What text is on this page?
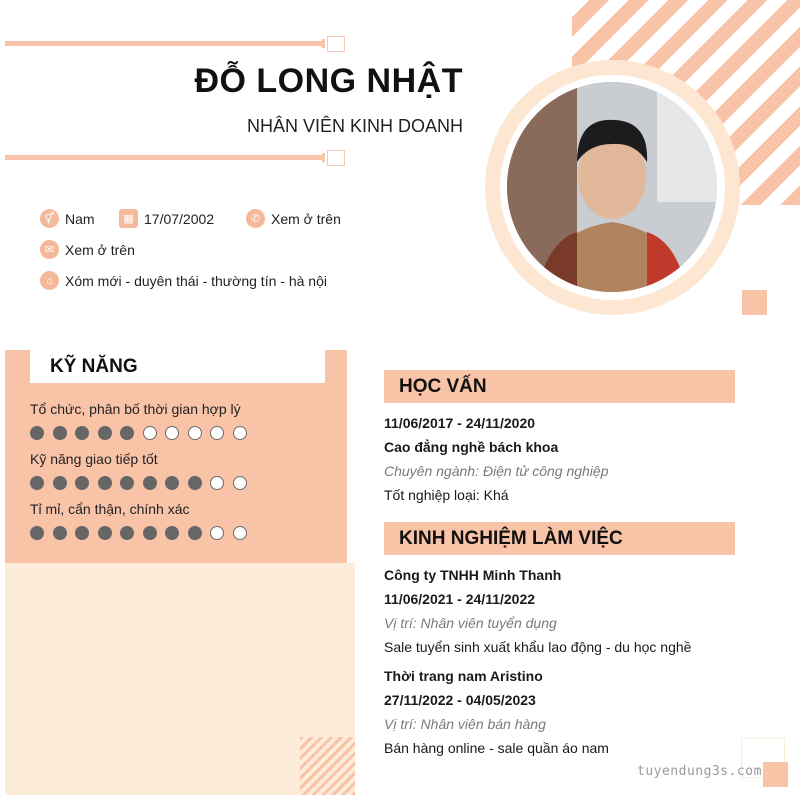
ĐỖ LONG NHẬT
NHÂN VIÊN KINH DOANH
⚥ Nam	▦ 17/07/2002	✆ Xem ở trên
✉ Xem ở trên
⌂ Xóm mới - duyên thái - thường tín - hà nội
KỸ NĂNG
Tổ chức, phân bố thời gian hợp lý
Kỹ năng giao tiếp tốt
Tỉ mỉ, cẩn thận, chính xác
HỌC VẤN
11/06/2017 - 24/11/2020
Cao đẳng nghề bách khoa
Chuyên ngành: Điện tử công nghiệp
Tốt nghiệp loại: Khá
KINH NGHIỆM LÀM VIỆC
Công ty TNHH Minh Thanh
11/06/2021 - 24/11/2022
Vị trí: Nhân viên tuyển dụng
Sale tuyển sinh xuất khẩu lao động - du học nghề
Thời trang nam Aristino
27/11/2022 - 04/05/2023
Vị trí: Nhân viên bán hàng
Bán hàng online - sale quần áo nam
tuyendung3s.com
